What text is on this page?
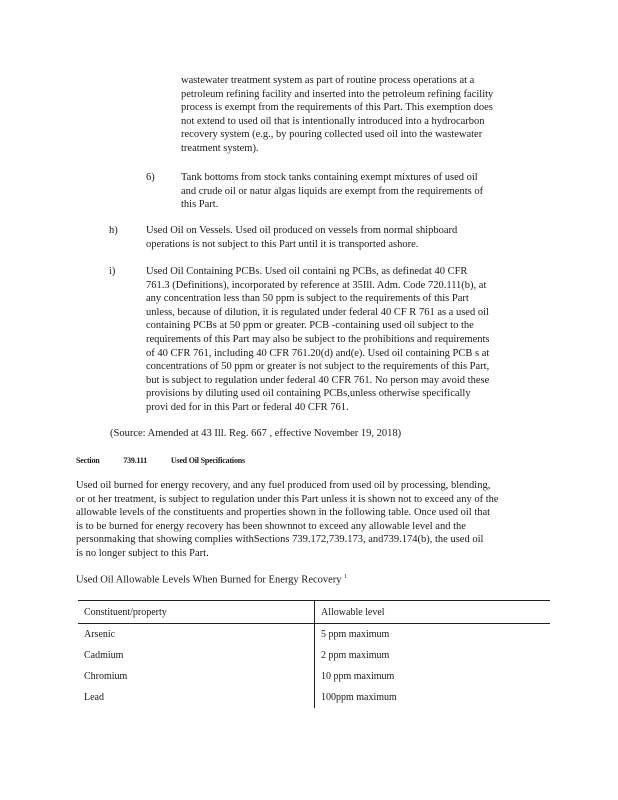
wastewater treatment system as part of routine process operations at a
petroleum refining facility and inserted into the petroleum refining facility
process is exempt from the requirements of this Part. This exemption does
not extend to used oil that is intentionally introduced into a hydrocarbon
recovery system (e.g., by pouring collected used oil into the wastewater
treatment system).
6)	Tank bottoms from stock tanks containing exempt mixtures of used oil
and crude oil or natur algas liquids are exempt from the requirements of
this Part.
h)	Used Oil on Vessels. Used oil produced on vessels from normal shipboard
operations is not subject to this Part until it is transported ashore.
i)	Used Oil Containing PCBs. Used oil containi ng PCBs, as definedat 40 CFR
761.3 (Definitions), incorporated by reference at 35Ill. Adm. Code 720.111(b), at
any concentration less than 50 ppm is subject to the requirements of this Part
unless, because of dilution, it is regulated under federal 40 CF R 761 as a used oil
containing PCBs at 50 ppm or greater. PCB -containing used oil subject to the
requirements of this Part may also be subject to the prohibitions and requirements
of 40 CFR 761, including 40 CFR 761.20(d) and(e). Used oil containing PCB s at
concentrations of 50 ppm or greater is not subject to the requirements of this Part,
but is subject to regulation under federal 40 CFR 761. No person may avoid these
provisions by diluting used oil containing PCBs,unless otherwise specifically
provi ded for in this Part or federal 40 CFR 761.
(Source: Amended at 43 Ill. Reg. 667 , effective November 19, 2018)
Section	739.111	Used Oil Specifications
Used oil burned for energy recovery, and any fuel produced from used oil by processing, blending,
or ot her treatment, is subject to regulation under this Part unless it is shown not to exceed any of the
allowable levels of the constituents and properties shown in the following table. Once used oil that
is to be burned for energy recovery has been shownnot to exceed any allowable level and the
personmaking that showing complies withSections 739.172,739.173, and739.174(b), the used oil
is no longer subject to this Part.
Used Oil Allowable Levels When Burned for Energy Recovery $^1$
Constituent/property	Allowable level
Arsenic	5 ppm maximum
Cadmium	2 ppm maximum
Chromium	10 ppm maximum
Lead	100ppm maximum
